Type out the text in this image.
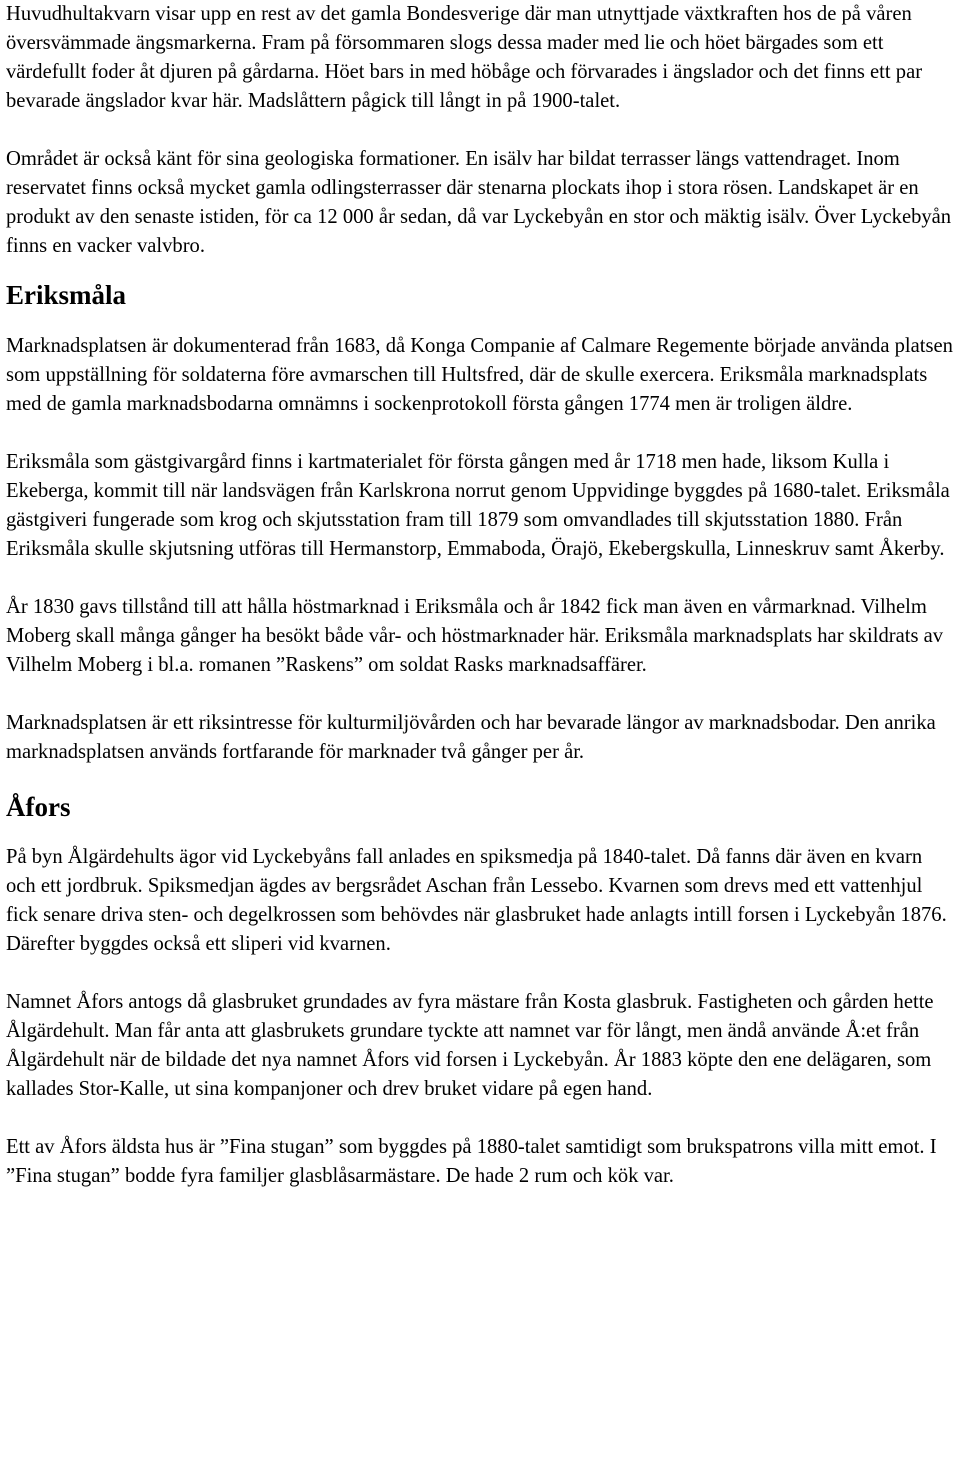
Huvudhultakvarn visar upp en rest av det gamla Bondesverige där man utnyttjade växtkraften hos de på våren översvämmade ängsmarkerna. Fram på försommaren slogs dessa mader med lie och höet bärgades som ett värdefullt foder åt djuren på gårdarna. Höet bars in med höbåge och förvarades i ängslador och det finns ett par bevarade ängslador kvar här. Madslåttern pågick till långt in på 1900-talet.

Området är också känt för sina geologiska formationer. En isälv har bildat terrasser längs vattendraget. Inom reservatet finns också mycket gamla odlingsterrasser där stenarna plockats ihop i stora rösen. Landskapet är en produkt av den senaste istiden, för ca 12 000 år sedan, då var Lyckebyån en stor och mäktig isälv. Över Lyckebyån finns en vacker valvbro.

Eriksmåla

Marknadsplatsen är dokumenterad från 1683, då Konga Companie af Calmare Regemente började använda platsen som uppställning för soldaterna före avmarschen till Hultsfred, där de skulle exercera. Eriksmåla marknadsplats med de gamla marknadsbodarna omnämns i sockenprotokoll första gången 1774 men är troligen äldre.

Eriksmåla som gästgivargård finns i kartmaterialet för första gången med år 1718 men hade, liksom Kulla i Ekeberga, kommit till när landsvägen från Karlskrona norrut genom Uppvidinge byggdes på 1680-talet. Eriksmåla gästgiveri fungerade som krog och skjutsstation fram till 1879 som omvandlades till skjutsstation 1880. Från Eriksmåla skulle skjutsning utföras till Hermanstorp, Emmaboda, Örajö, Ekebergskulla, Linneskruv samt Åkerby.

År 1830 gavs tillstånd till att hålla höstmarknad i Eriksmåla och år 1842 fick man även en vårmarknad. Vilhelm Moberg skall många gånger ha besökt både vår- och höstmarknader här. Eriksmåla marknadsplats har skildrats av Vilhelm Moberg i bl.a. romanen ”Raskens” om soldat Rasks marknadsaffärer.

Marknadsplatsen är ett riksintresse för kulturmiljövården och har bevarade längor av marknadsbodar. Den anrika marknadsplatsen används fortfarande för marknader två gånger per år.

Åfors

På byn Ålgärdehults ägor vid Lyckebyåns fall anlades en spiksmedja på 1840-talet. Då fanns där även en kvarn och ett jordbruk. Spiksmedjan ägdes av bergsrådet Aschan från Lessebo. Kvarnen som drevs med ett vattenhjul fick senare driva sten- och degelkrossen som behövdes när glasbruket hade anlagts intill forsen i Lyckebyån 1876. Därefter byggdes också ett sliperi vid kvarnen.

Namnet Åfors antogs då glasbruket grundades av fyra mästare från Kosta glasbruk. Fastigheten och gården hette Ålgärdehult. Man får anta att glasbrukets grundare tyckte att namnet var för långt, men ändå använde Å:et från Ålgärdehult när de bildade det nya namnet Åfors vid forsen i Lyckebyån. År 1883 köpte den ene delägaren, som kallades Stor-Kalle, ut sina kompanjoner och drev bruket vidare på egen hand.

Ett av Åfors äldsta hus är ”Fina stugan” som byggdes på 1880-talet samtidigt som brukspatrons villa mitt emot. I ”Fina stugan” bodde fyra familjer glasblåsarmästare. De hade 2 rum och kök var.
